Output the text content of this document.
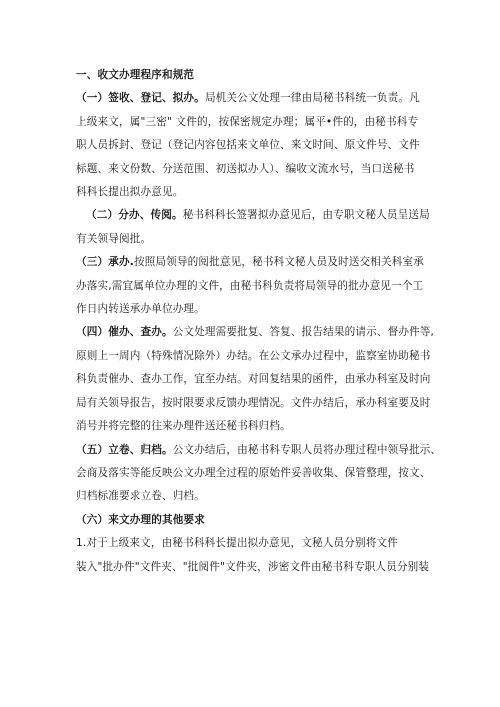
一、收文办理程序和规范

（一）签收、登记、拟办。局机关公文处理一律由局秘书科统一负责。凡
上级来文，属"三密" 文件的，按保密规定办理；属平•件的，由秘书科专
职人员拆封、登记（登记内容包括来文单位、来文时间、原文件号、文件
标题、来文份数、分送范围、初送拟办人）、编收文流水号，当口送秘书
科科长提出拟办意见。

（二）分办、传阅。秘书科科长签署拟办意见后，由专职文秘人员呈送局
有关领导阅批。

（三）承办.按照局领导的阅批意见，秘书科文秘人员及时送交相关科室承
办落实,需宜属单位办理的文件，由秘书科负责将局领导的批办意见一个工
作日内转送承办单位办理。

（四）催办、查办。公文处理需要批复、答复、报告结果的请示、督办件等,
原则上一周内（特殊情况除外）办结。在公文承办过程中，监察室协助秘书
科负责催办、查办工作，宜至办结。对回复结果的函件，由承办科室及时向
局有关领导报告，按时限要求反馈办理情况。文件办结后，承办科室要及时
消号并将完整的往来办理件送还秘书科归档。

（五）立卷、归档。公文办结后，由秘书科专职人员将办理过程中领导批示、
会商及落实等能反映公文办理全过程的原始件妥善收集、保管整理，按文、
归档标准要求立卷、归档。

（六）来文办理的其他要求

1.对于上级来文，由秘书科科长提出拟办意见，文秘人员分别将文件
装入"批办件"文件夹、"批阅件"文件夹，涉密文件由秘书科专职人员分别装
